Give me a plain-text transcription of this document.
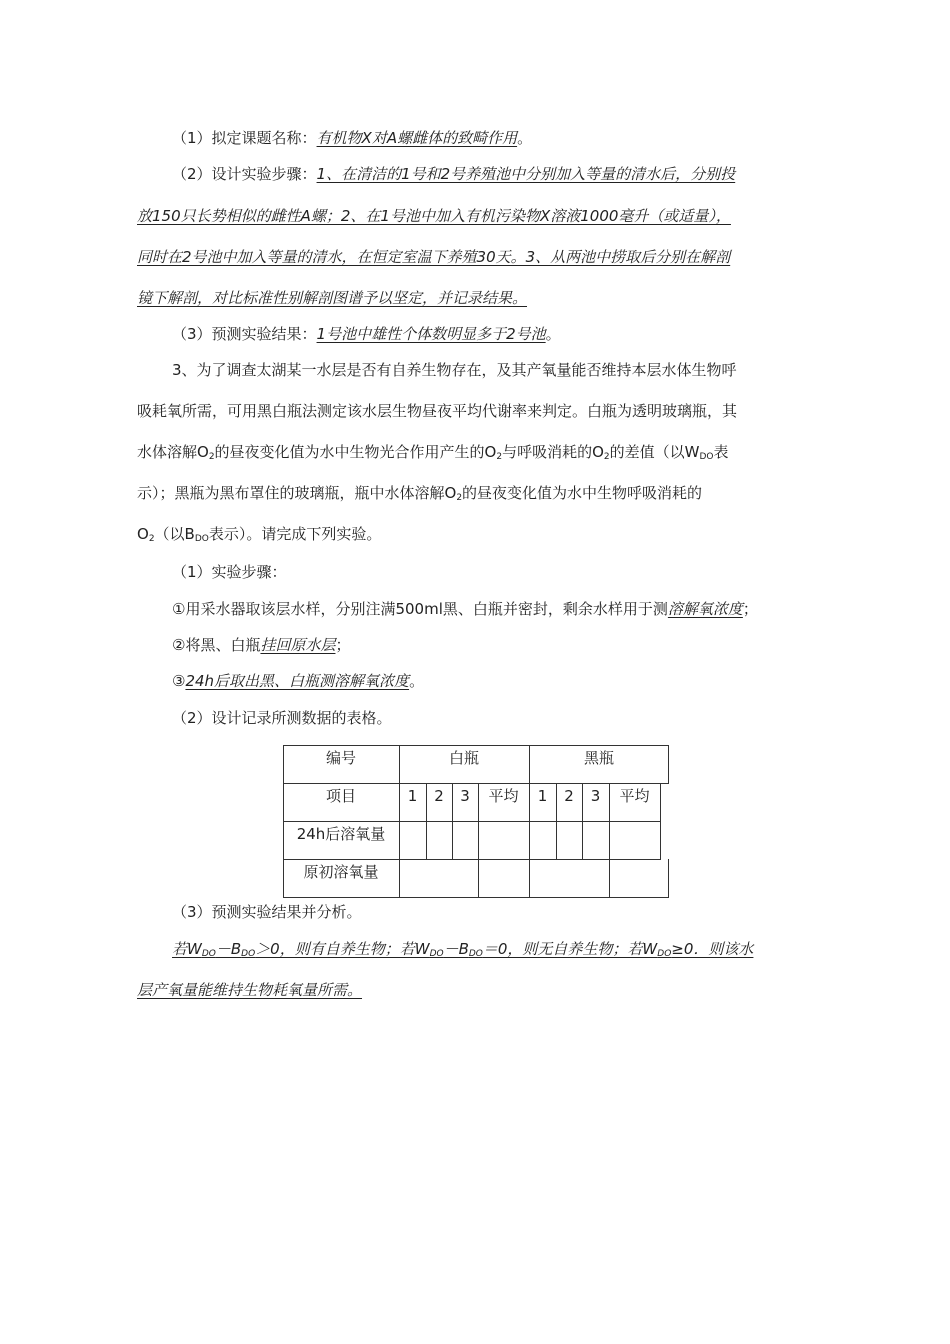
（1）拟定课题名称：有机物X对A螺雌体的致畸作用。
（2）设计实验步骤：1、在清洁的1号和2号养殖池中分别加入等量的清水后，分别投
放150只长势相似的雌性A螺；2、在1号池中加入有机污染物X溶液1000毫升（或适量），
同时在2号池中加入等量的清水，在恒定室温下养殖30天。3、从两池中捞取后分别在解剖
镜下解剖，对比标准性别解剖图谱予以坚定，并记录结果。
（3）预测实验结果：1号池中雄性个体数明显多于2号池。
3、为了调查太湖某一水层是否有自养生物存在，及其产氧量能否维持本层水体生物呼
吸耗氧所需，可用黑白瓶法测定该水层生物昼夜平均代谢率来判定。白瓶为透明玻璃瓶，其
水体溶解$O_2$的昼夜变化值为水中生物光合作用产生的$O_2$与呼吸消耗的$O_2$的差值（以$W_{DO}$表
示）；黑瓶为黑布罩住的玻璃瓶，瓶中水体溶解$O_2$的昼夜变化值为水中生物呼吸消耗的
$O_2$（以$B_{DO}$表示）。请完成下列实验。
（1）实验步骤：
①用采水器取该层水样，分别注满500ml黑、白瓶并密封，剩余水样用于测溶解氧浓度；
②将黑、白瓶挂回原水层；
③24h后取出黑、白瓶测溶解氧浓度。
（2）设计记录所测数据的表格。
编号	白瓶	黑瓶
项目	1	2	3	平均	1	2	3	平均
24h后溶氧量
原初溶氧量
（3）预测实验结果并分析。
若$W_{DO}-B_{DO}>0$，则有自养生物；若$W_{DO}-B_{DO}=0$，则无自养生物；若$W_{DO}\ge 0$．则该水
层产氧量能维持生物耗氧量所需。
